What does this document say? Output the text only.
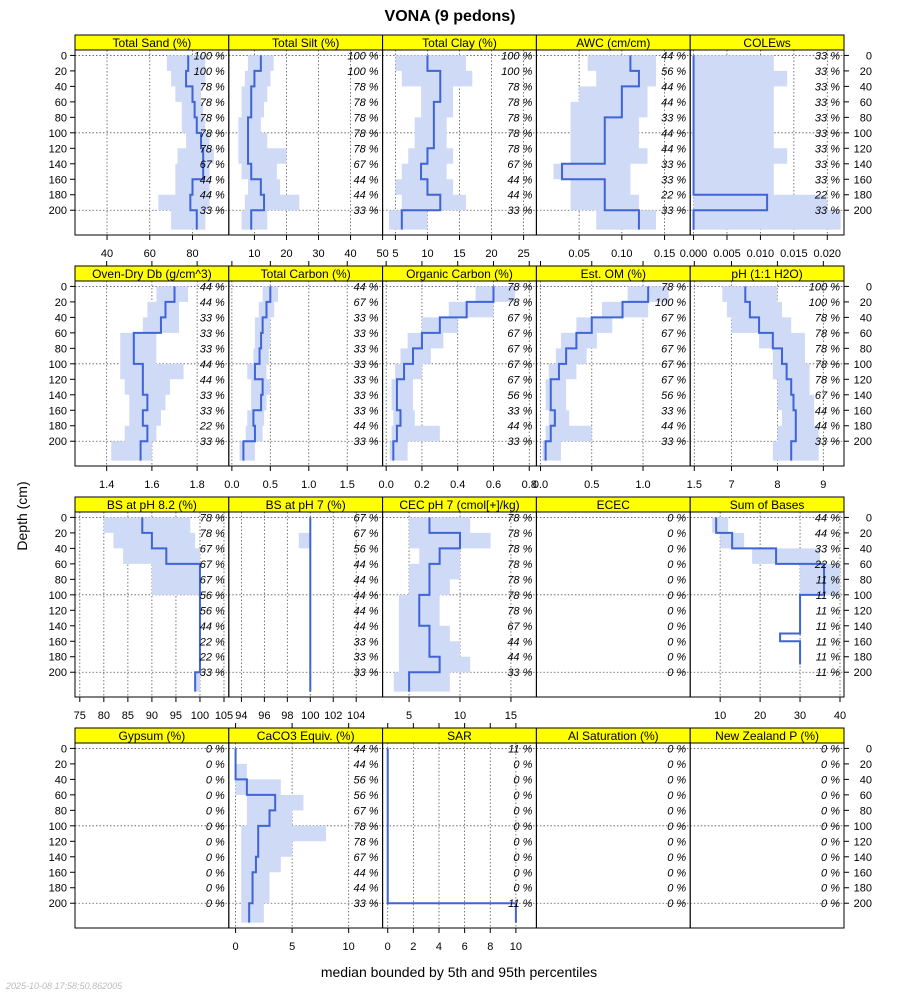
VONA (9 pedons)
Depth (cm)
median bounded by 5th and 95th percentiles
2025-10-08 17:58:50.862005
Total Sand (%)
100 %
100 %
78 %
78 %
78 %
78 %
78 %
67 %
44 %
44 %
33 %
40	60	80
Total Silt (%)
100 %
100 %
78 %
78 %
78 %
78 %
78 %
67 %
44 %
44 %
33 %
10 20 30 40 50
Total Clay (%)
100 %
100 %
78 %
78 %
78 %
78 %
78 %
67 %
44 %
44 %
33 %
5 10 15 20 25
AWC (cm/cm)
44 %
56 %
44 %
44 %
33 %
44 %
44 %
33 %
33 %
22 %
33 %
0.05 0.10 0.15
COLEws
33 %
33 %
33 %
33 %
33 %
33 %
33 %
33 %
33 %
22 %
33 %
0.000 0.005 0.010 0.015 0.020
Oven-Dry Db (g/cm^3)
44 %
44 %
33 %
33 %
33 %
44 %
44 %
33 %
33 %
22 %
33 %
1.4	1.6	1.8
Total Carbon (%)
44 %
67 %
33 %
33 %
33 %
33 %
33 %
33 %
33 %
44 %
33 %
0.0 0.5 1.0 1.5
Organic Carbon (%)
78 %
78 %
67 %
67 %
67 %
67 %
67 %
56 %
33 %
44 %
33 %
0.0 0.2 0.4 0.6 0.8
Est. OM (%)
78 %
100 %
67 %
67 %
67 %
67 %
67 %
56 %
33 %
44 %
33 %
0.0	0.5	1.0	1.5
pH (1:1 H2O)
100 %
100 %
78 %
78 %
78 %
78 %
78 %
67 %
44 %
44 %
33 %
7	8	9
BS at pH 8.2 (%)
78 %
78 %
67 %
67 %
67 %
56 %
56 %
44 %
22 %
22 %
33 %
75 80 85 90 95 100 105
BS at pH 7 (%)
67 %
67 %
56 %
44 %
44 %
44 %
44 %
44 %
33 %
33 %
33 %
94 96 98 100 102 104
CEC pH 7 (cmol[+]/kg)
78 %
78 %
78 %
78 %
78 %
78 %
78 %
67 %
44 %
44 %
33 %
5	10	15
ECEC
0 %
0 %
0 %
0 %
0 %
0 %
0 %
0 %
0 %
0 %
0 %
Sum of Bases
44 %
44 %
33 %
22 %
11 %
11 %
11 %
11 %
11 %
11 %
11 %
10	20	30	40
Gypsum (%)
0 %
0 %
0 %
0 %
0 %
0 %
0 %
0 %
0 %
0 %
0 %
CaCO3 Equiv. (%)
44 %
44 %
56 %
56 %
67 %
78 %
78 %
67 %
44 %
44 %
33 %
0	5	10
SAR
11 %
0 %
0 %
0 %
0 %
0 %
0 %
0 %
0 %
0 %
11 %
0 2 4 6 8 10
Al Saturation (%)
0 %
0 %
0 %
0 %
0 %
0 %
0 %
0 %
0 %
0 %
0 %
New Zealand P (%)
0 %
0 %
0 %
0 %
0 %
0 %
0 %
0 %
0 %
0 %
0 %
0	0
20	20
40	40
60	60
80	80
100	100
120	120
140	140
160	160
180	180
200	200
0	0
20	20
40	40
60	60
80	80
100	100
120	120
140	140
160	160
180	180
200	200
0	0
20	20
40	40
60	60
80	80
100	100
120	120
140	140
160	160
180	180
200	200
0	0
20	20
40	40
60	60
80	80
100	100
120	120
140	140
160	160
180	180
200	200
